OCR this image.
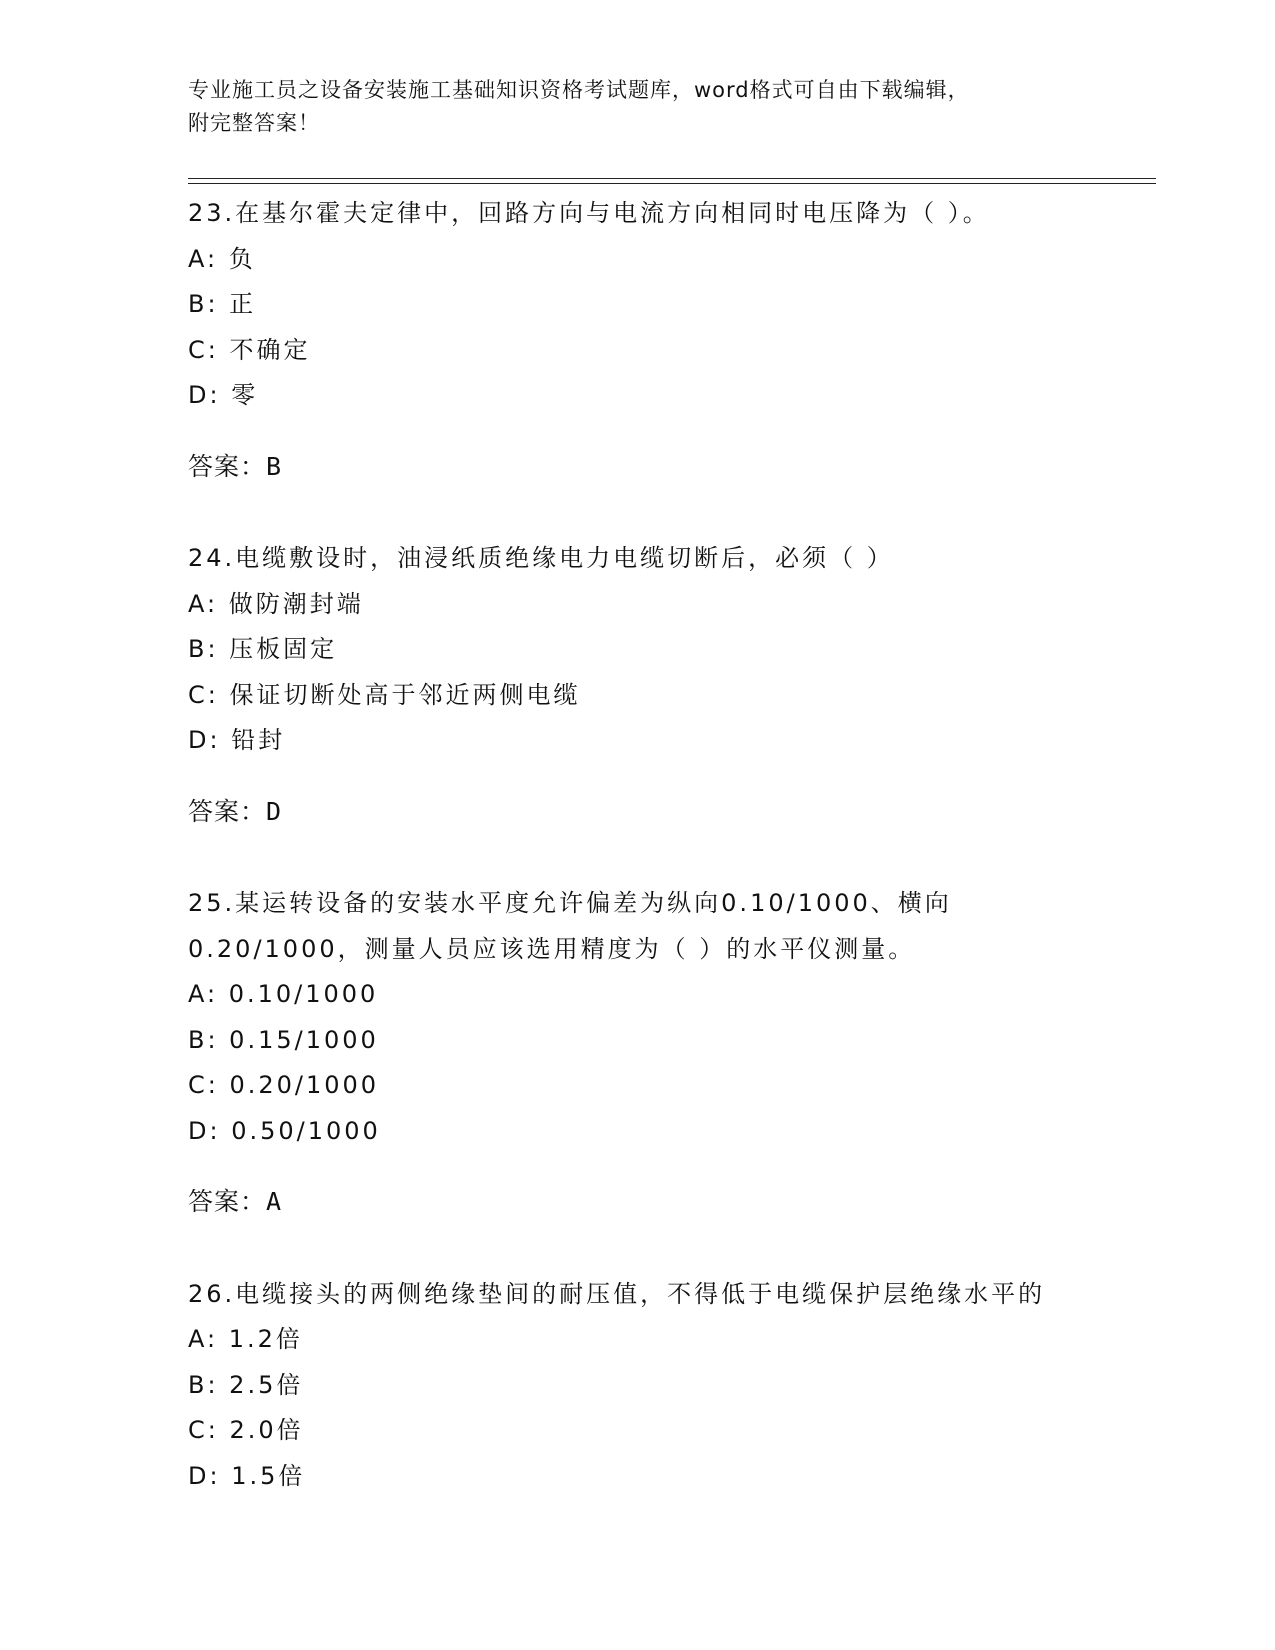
专业施工员之设备安装施工基础知识资格考试题库，word格式可自由下载编辑，
附完整答案！

23.在基尔霍夫定律中，回路方向与电流方向相同时电压降为（ ）。

A: 负

B: 正

C: 不确定

D: 零

答案：B

24.电缆敷设时，油浸纸质绝缘电力电缆切断后，必须（ ）

A: 做防潮封端

B: 压板固定

C: 保证切断处高于邻近两侧电缆

D: 铅封

答案：D

25.某运转设备的安装水平度允许偏差为纵向0.10/1000、横向0.20/1000，测量人员应该选用精度为（ ）的水平仪测量。

A: 0.10/1000

B: 0.15/1000

C: 0.20/1000

D: 0.50/1000

答案：A

26.电缆接头的两侧绝缘垫间的耐压值，不得低于电缆保护层绝缘水平的

A: 1.2倍

B: 2.5倍

C: 2.0倍

D: 1.5倍
